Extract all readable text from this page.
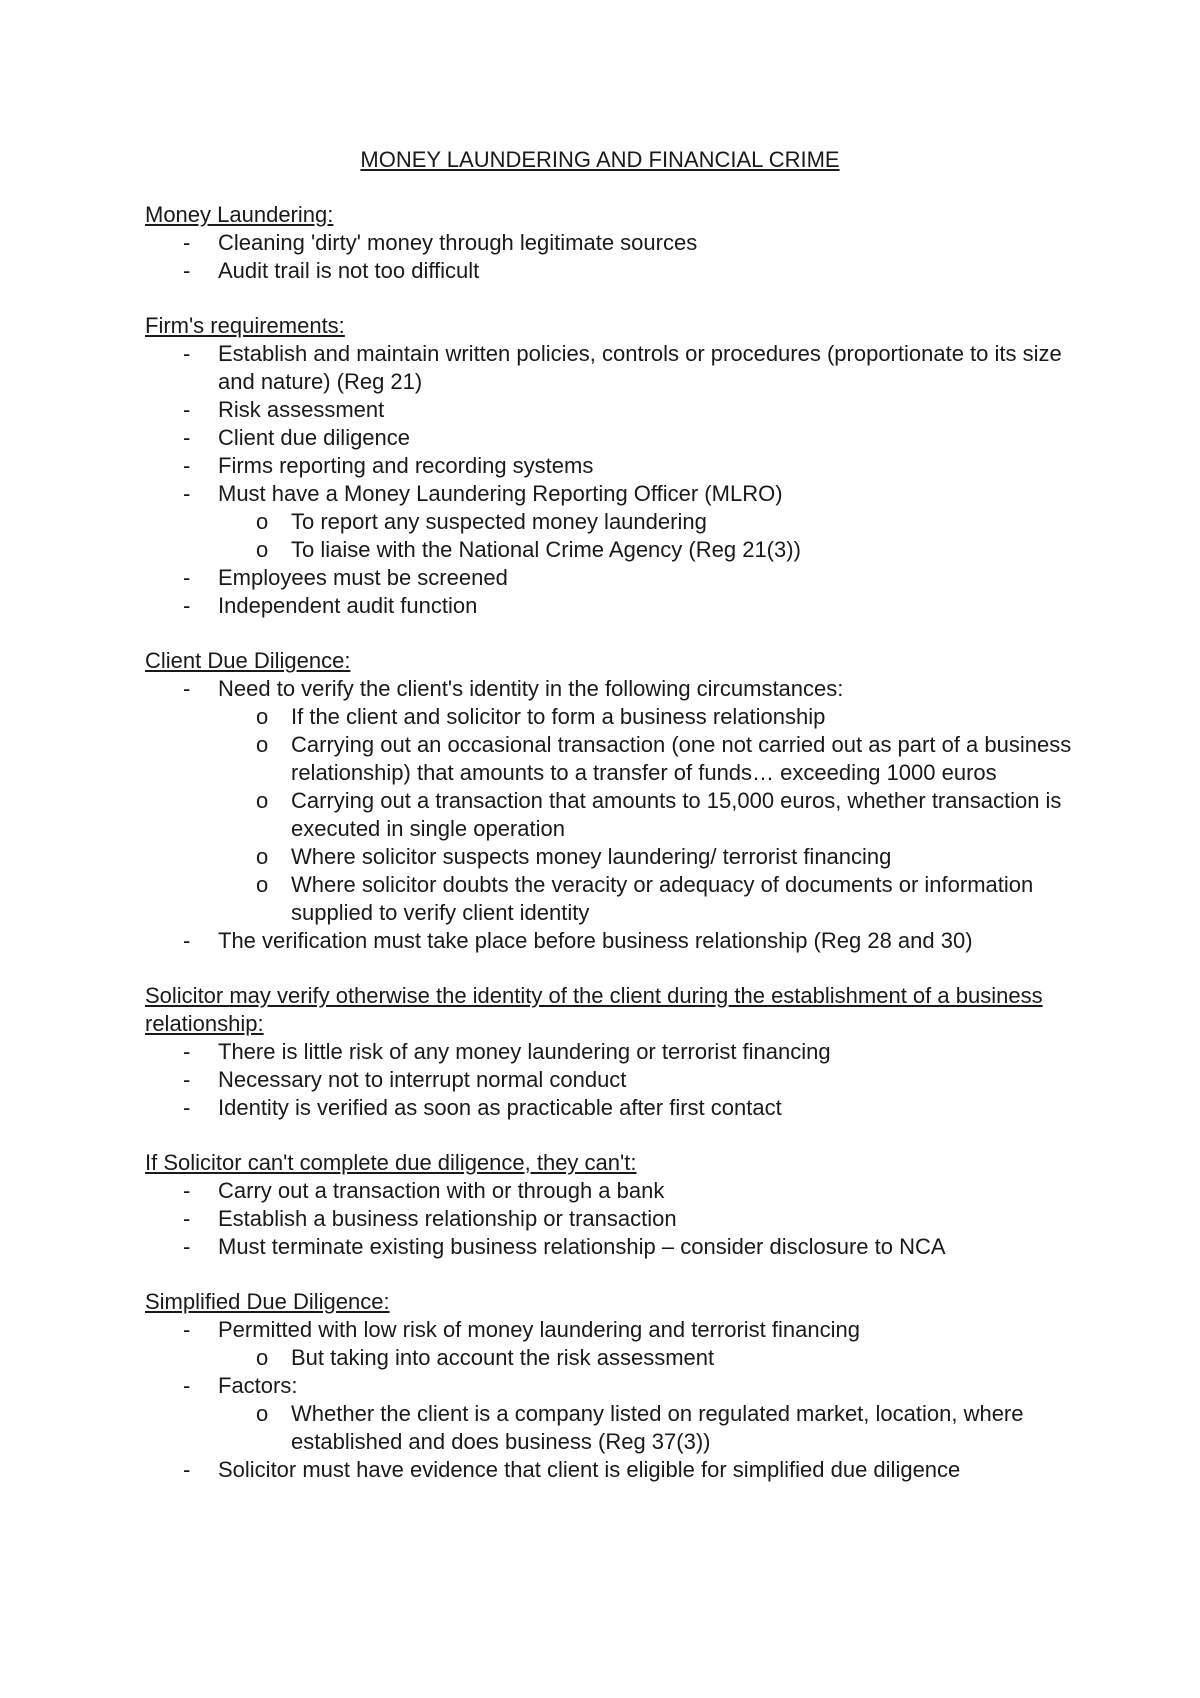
MONEY LAUNDERING AND FINANCIAL CRIME
Money Laundering:
- Cleaning 'dirty' money through legitimate sources
- Audit trail is not too difficult
Firm's requirements:
- Establish and maintain written policies, controls or procedures (proportionate to its size and nature) (Reg 21)
- Risk assessment
- Client due diligence
- Firms reporting and recording systems
- Must have a Money Laundering Reporting Officer (MLRO)
o To report any suspected money laundering
o To liaise with the National Crime Agency (Reg 21(3))
- Employees must be screened
- Independent audit function
Client Due Diligence:
- Need to verify the client's identity in the following circumstances:
o If the client and solicitor to form a business relationship
o Carrying out an occasional transaction (one not carried out as part of a business relationship) that amounts to a transfer of funds… exceeding 1000 euros
o Carrying out a transaction that amounts to 15,000 euros, whether transaction is executed in single operation
o Where solicitor suspects money laundering/ terrorist financing
o Where solicitor doubts the veracity or adequacy of documents or information supplied to verify client identity
- The verification must take place before business relationship (Reg 28 and 30)
Solicitor may verify otherwise the identity of the client during the establishment of a business relationship:
- There is little risk of any money laundering or terrorist financing
- Necessary not to interrupt normal conduct
- Identity is verified as soon as practicable after first contact
If Solicitor can't complete due diligence, they can't:
- Carry out a transaction with or through a bank
- Establish a business relationship or transaction
- Must terminate existing business relationship – consider disclosure to NCA
Simplified Due Diligence:
- Permitted with low risk of money laundering and terrorist financing
o But taking into account the risk assessment
- Factors:
o Whether the client is a company listed on regulated market, location, where established and does business (Reg 37(3))
- Solicitor must have evidence that client is eligible for simplified due diligence
